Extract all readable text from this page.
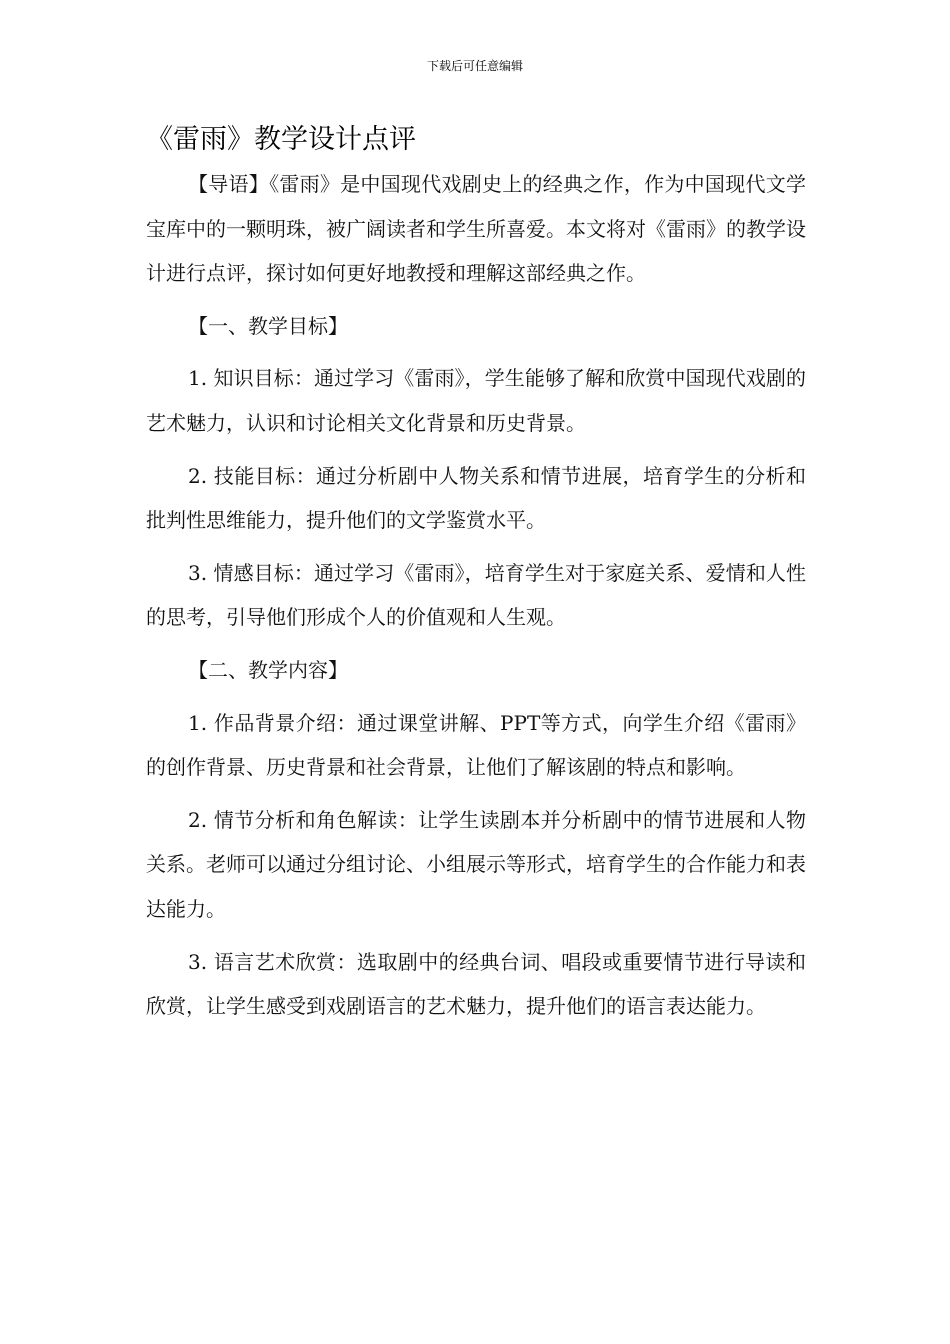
下载后可任意编辑
《雷雨》教学设计点评

【导语】《雷雨》是中国现代戏剧史上的经典之作，作为中国现代文学宝库中的一颗明珠，被广阔读者和学生所喜爱。本文将对《雷雨》的教学设计进行点评，探讨如何更好地教授和理解这部经典之作。

【一、教学目标】

1. 知识目标：通过学习《雷雨》，学生能够了解和欣赏中国现代戏剧的艺术魅力，认识和讨论相关文化背景和历史背景。

2. 技能目标：通过分析剧中人物关系和情节进展，培育学生的分析和批判性思维能力，提升他们的文学鉴赏水平。

3. 情感目标：通过学习《雷雨》，培育学生对于家庭关系、爱情和人性的思考，引导他们形成个人的价值观和人生观。

【二、教学内容】

1. 作品背景介绍：通过课堂讲解、PPT等方式，向学生介绍《雷雨》的创作背景、历史背景和社会背景，让他们了解该剧的特点和影响。

2. 情节分析和角色解读：让学生读剧本并分析剧中的情节进展和人物关系。老师可以通过分组讨论、小组展示等形式，培育学生的合作能力和表达能力。

3. 语言艺术欣赏：选取剧中的经典台词、唱段或重要情节进行导读和欣赏，让学生感受到戏剧语言的艺术魅力，提升他们的语言表达能力。
